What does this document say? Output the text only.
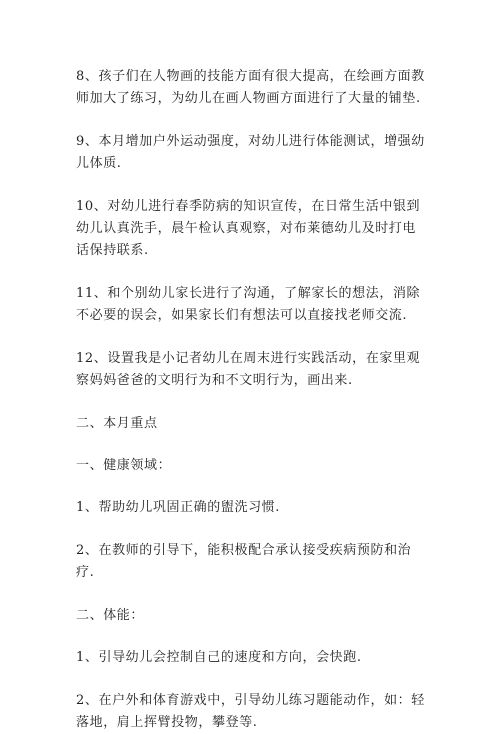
8、孩子们在人物画的技能方面有很大提高，在绘画方面教师加大了练习，为幼儿在画人物画方面进行了大量的铺垫.

9、本月增加户外运动强度，对幼儿进行体能测试，增强幼儿体质.

10、对幼儿进行春季防病的知识宣传，在日常生活中银到幼儿认真洗手，晨午检认真观察，对布莱德幼儿及时打电话保持联系.

11、和个别幼儿家长进行了沟通，了解家长的想法，消除不必要的误会，如果家长们有想法可以直接找老师交流.

12、设置我是小记者幼儿在周末进行实践活动，在家里观察妈妈爸爸的文明行为和不文明行为，画出来.

二、本月重点

一、健康领域：

1、帮助幼儿巩固正确的盥洗习惯.

2、在教师的引导下，能积极配合承认接受疾病预防和治疗.

二、体能：

1、引导幼儿会控制自己的速度和方向，会快跑.

2、在户外和体育游戏中，引导幼儿练习题能动作，如：轻落地，肩上挥臂投物，攀登等.
